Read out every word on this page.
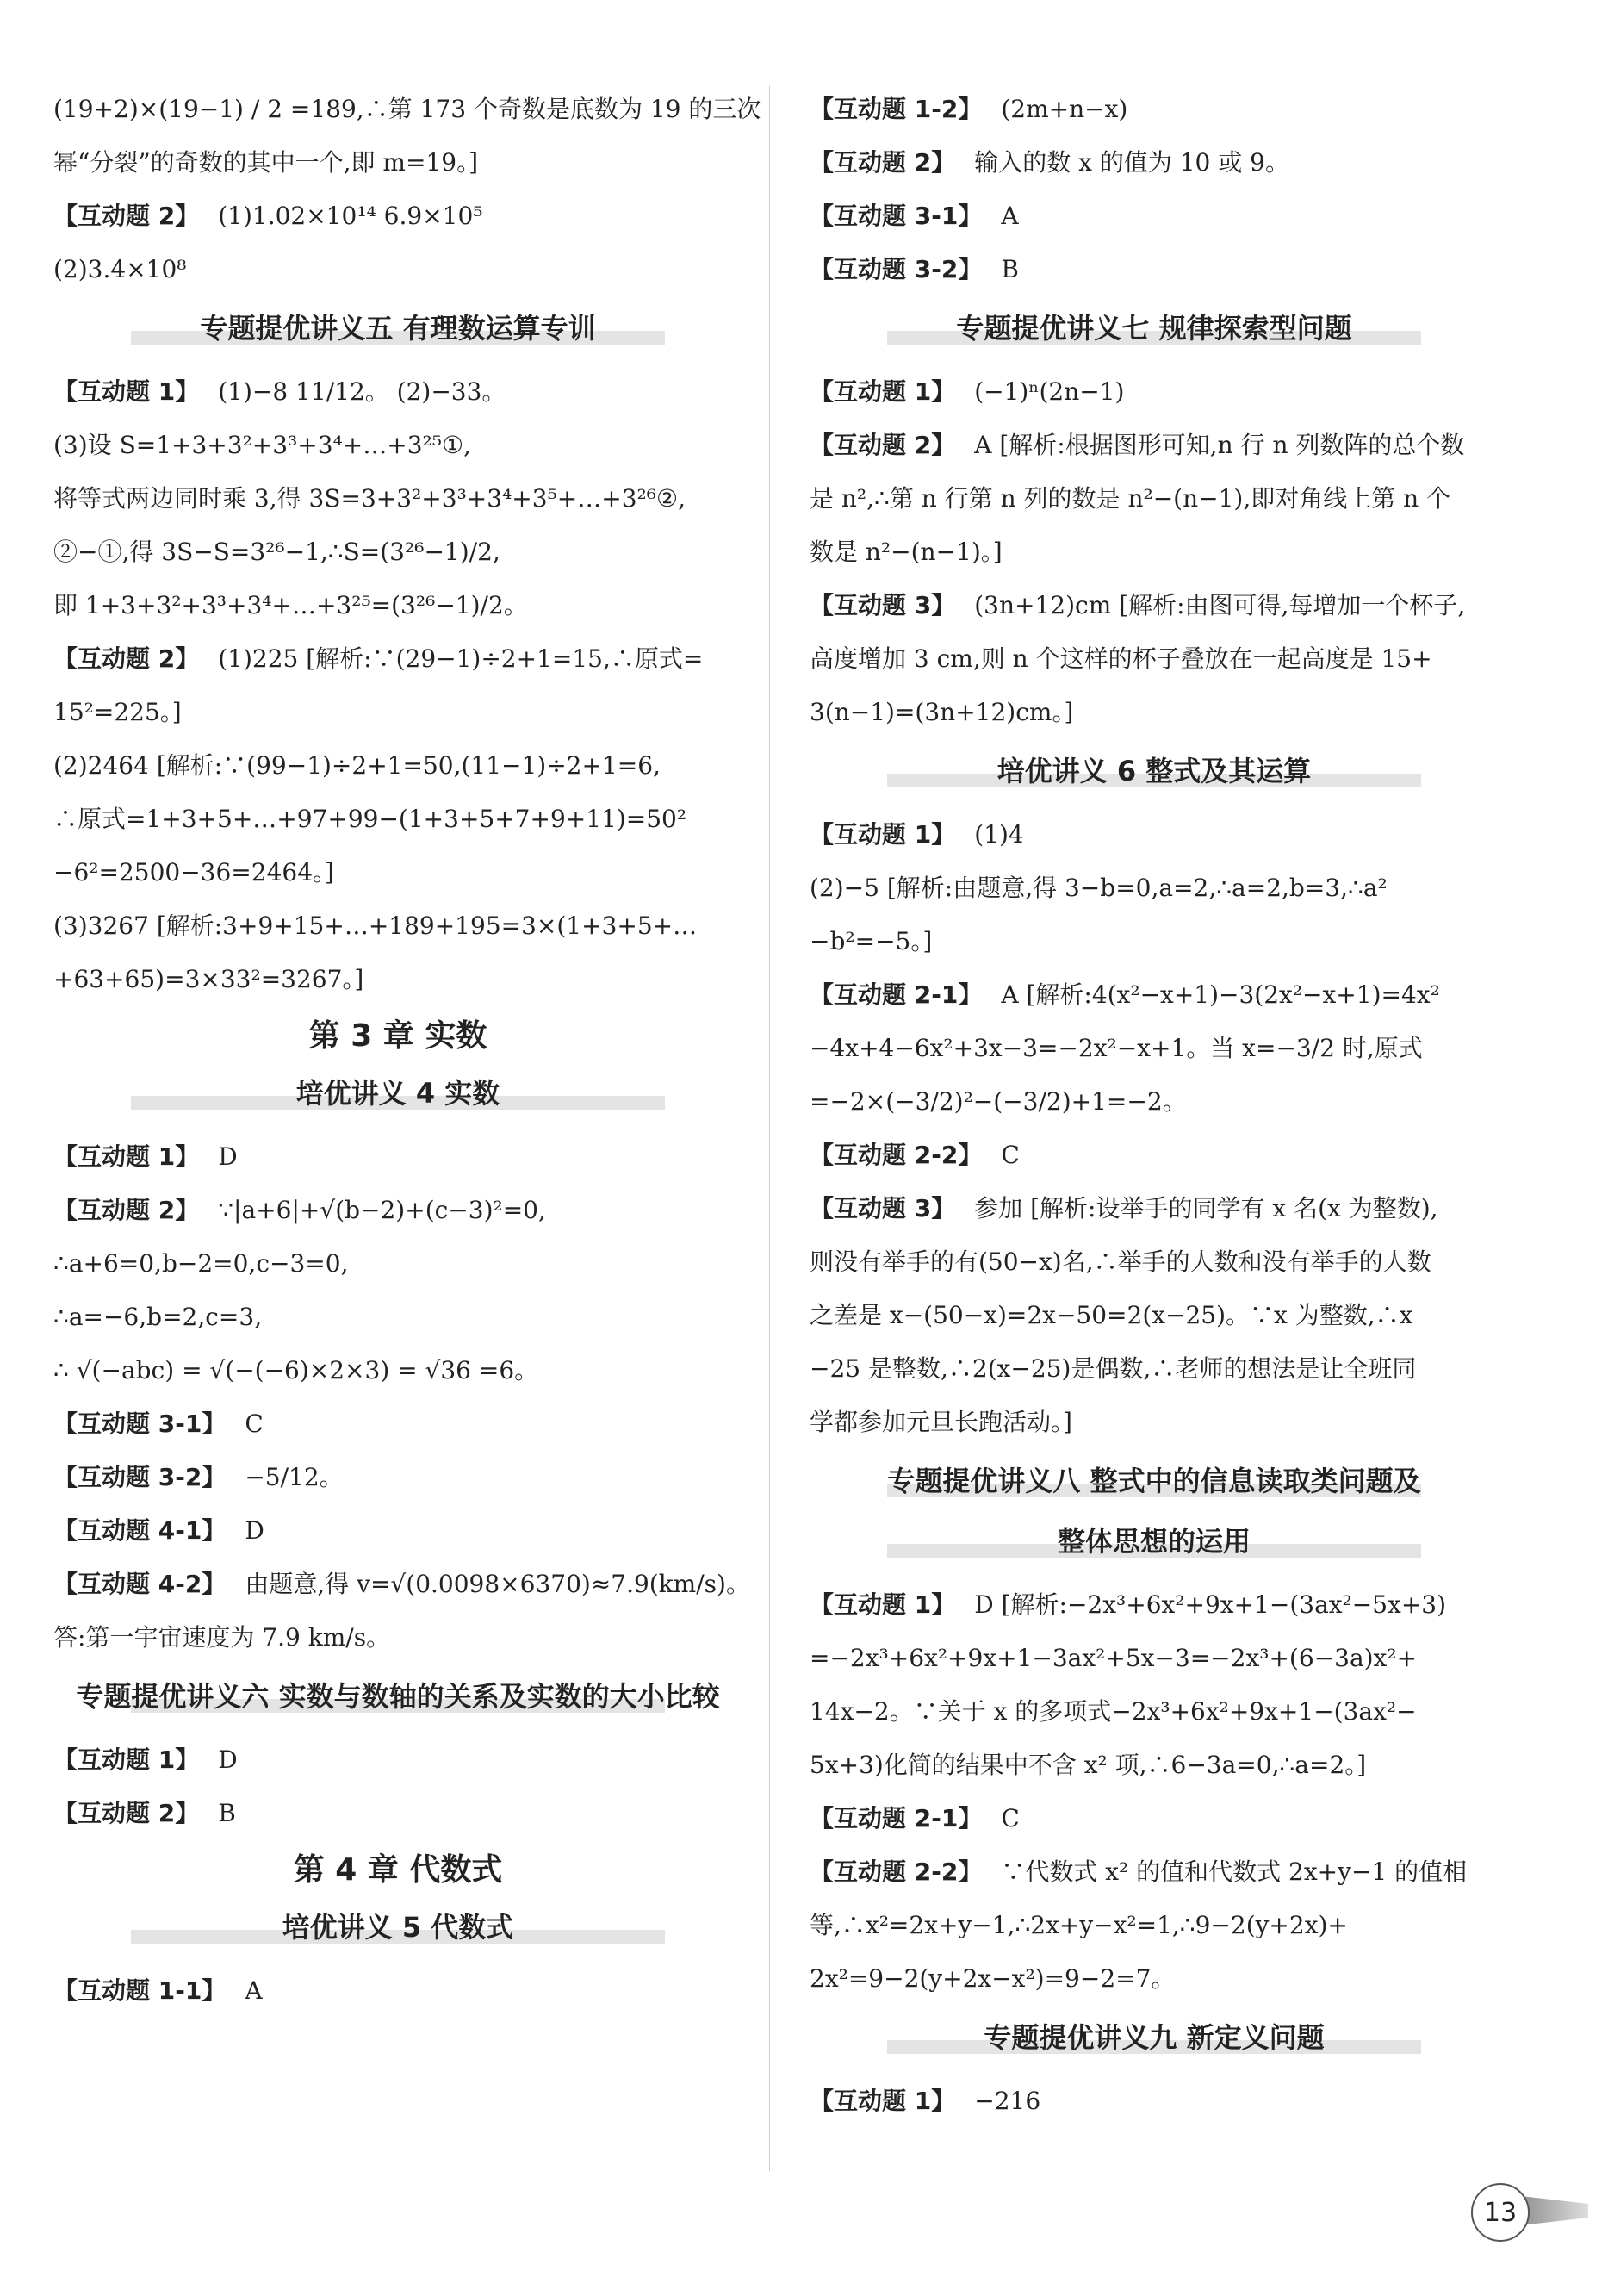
(19+2)×(19−1) / 2 =189,∴第 173 个奇数是底数为 19 的三次

幂“分裂”的奇数的其中一个,即 m=19。]

【互动题 2】 (1)1.02×10¹⁴ 6.9×10⁵

(2)3.4×10⁸

专题提优讲义五 有理数运算专训

【互动题 1】 (1)−8 11/12。 (2)−33。

(3)设 S=1+3+3²+3³+3⁴+…+3²⁵①,

将等式两边同时乘 3,得 3S=3+3²+3³+3⁴+3⁵+…+3²⁶②,

②−①,得 3S−S=3²⁶−1,∴S=(3²⁶−1)/2,

即 1+3+3²+3³+3⁴+…+3²⁵=(3²⁶−1)/2。

【互动题 2】 (1)225 [解析:∵(29−1)÷2+1=15,∴原式=

15²=225。]

(2)2464 [解析:∵(99−1)÷2+1=50,(11−1)÷2+1=6,

∴原式=1+3+5+…+97+99−(1+3+5+7+9+11)=50²

−6²=2500−36=2464。]

(3)3267 [解析:3+9+15+…+189+195=3×(1+3+5+…

+63+65)=3×33²=3267。]

第 3 章 实数
培优讲义 4 实数

【互动题 1】 D

【互动题 2】 ∵|a+6|+√(b−2)+(c−3)²=0,

∴a+6=0,b−2=0,c−3=0,

∴a=−6,b=2,c=3,

∴ √(−abc) = √(−(−6)×2×3) = √36 =6。

【互动题 3-1】 C

【互动题 3-2】 −5/12。

【互动题 4-1】 D

【互动题 4-2】 由题意,得 v=√(0.0098×6370)≈7.9(km/s)。

答:第一宇宙速度为 7.9 km/s。

专题提优讲义六 实数与数轴的关系及实数的大小比较

【互动题 1】 D

【互动题 2】 B

第 4 章 代数式
培优讲义 5 代数式

【互动题 1-1】 A

【互动题 1-2】 (2m+n−x)

【互动题 2】 输入的数 x 的值为 10 或 9。

【互动题 3-1】 A

【互动题 3-2】 B

专题提优讲义七 规律探索型问题

【互动题 1】 (−1)ⁿ(2n−1)

【互动题 2】 A [解析:根据图形可知,n 行 n 列数阵的总个数

是 n²,∴第 n 行第 n 列的数是 n²−(n−1),即对角线上第 n 个

数是 n²−(n−1)。]

【互动题 3】 (3n+12)cm [解析:由图可得,每增加一个杯子,

高度增加 3 cm,则 n 个这样的杯子叠放在一起高度是 15+

3(n−1)=(3n+12)cm。]

培优讲义 6 整式及其运算

【互动题 1】 (1)4

(2)−5 [解析:由题意,得 3−b=0,a=2,∴a=2,b=3,∴a²

−b²=−5。]

【互动题 2-1】 A [解析:4(x²−x+1)−3(2x²−x+1)=4x²

−4x+4−6x²+3x−3=−2x²−x+1。当 x=−3/2 时,原式

=−2×(−3/2)²−(−3/2)+1=−2。

【互动题 2-2】 C

【互动题 3】 参加 [解析:设举手的同学有 x 名(x 为整数),

则没有举手的有(50−x)名,∴举手的人数和没有举手的人数

之差是 x−(50−x)=2x−50=2(x−25)。∵x 为整数,∴x

−25 是整数,∴2(x−25)是偶数,∴老师的想法是让全班同

学都参加元旦长跑活动。]

专题提优讲义八 整式中的信息读取类问题及
整体思想的运用

【互动题 1】 D [解析:−2x³+6x²+9x+1−(3ax²−5x+3)

=−2x³+6x²+9x+1−3ax²+5x−3=−2x³+(6−3a)x²+

14x−2。∵关于 x 的多项式−2x³+6x²+9x+1−(3ax²−

5x+3)化简的结果中不含 x² 项,∴6−3a=0,∴a=2。]

【互动题 2-1】 C

【互动题 2-2】 ∵代数式 x² 的值和代数式 2x+y−1 的值相

等,∴x²=2x+y−1,∴2x+y−x²=1,∴9−2(y+2x)+

2x²=9−2(y+2x−x²)=9−2=7。

专题提优讲义九 新定义问题

【互动题 1】 −216

13
